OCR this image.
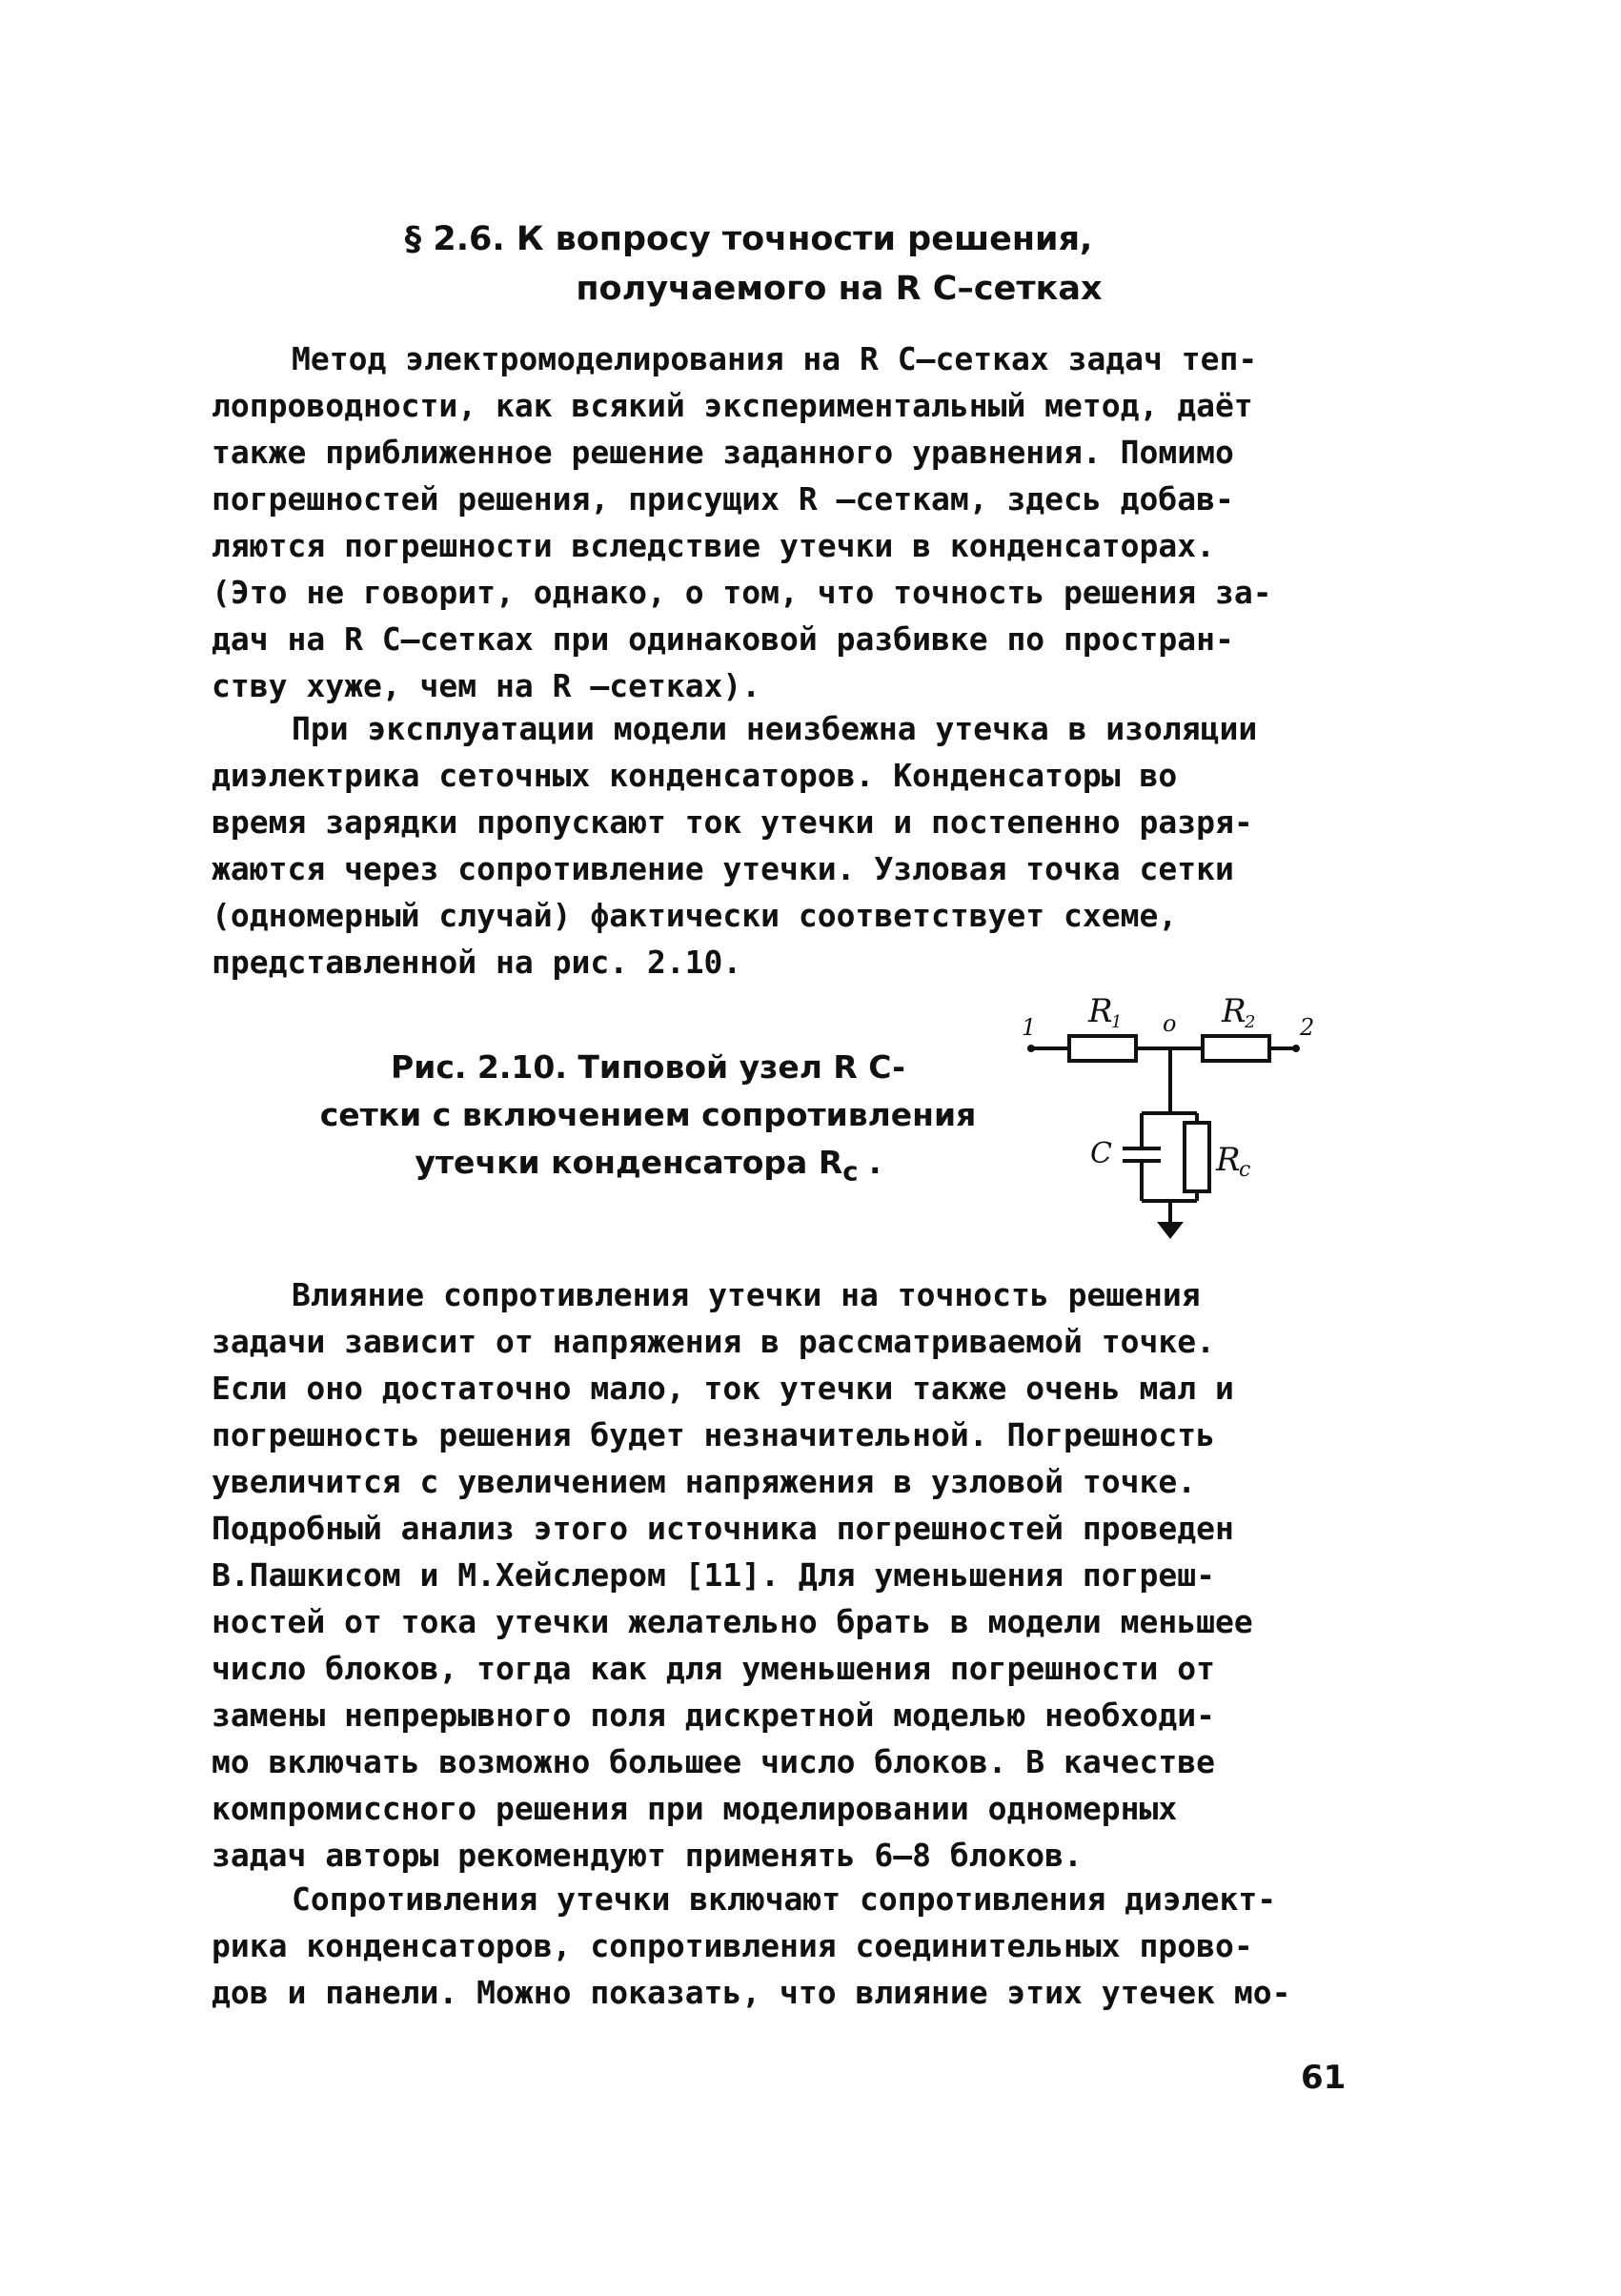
§ 2.6. К вопросу точности решения,
получаемого на R C–сетках
Метод электромоделирования на R C–сетках задач теп-
лопроводности, как всякий экспериментальный метод, даёт
также приближенное решение заданного уравнения. Помимо
погрешностей решения, присущих R –сеткам, здесь добав-
ляются погрешности вследствие утечки в конденсаторах.
(Это не говорит, однако, о том, что точность решения за-
дач на R C–сетках при одинаковой разбивке по простран-
ству хуже, чем на R –сетках).
При эксплуатации модели неизбежна утечка в изоляции
диэлектрика сеточных конденсаторов. Конденсаторы во
время зарядки пропускают ток утечки и постепенно разря-
жаются через сопротивление утечки. Узловая точка сетки
(одномерный случай) фактически соответствует схеме,
представленной на рис. 2.10.
Рис. 2.10. Типовой узел R C-
сетки с включением сопротивления
утечки конденсатора $R_c$ .
1	o	2
R
1	R
2
C	R
c
Влияние сопротивления утечки на точность решения
задачи зависит от напряжения в рассматриваемой точке.
Если оно достаточно мало, ток утечки также очень мал и
погрешность решения будет незначительной. Погрешность
увеличится с увеличением напряжения в узловой точке.
Подробный анализ этого источника погрешностей проведен
В.Пашкисом и М.Хейслером [11]. Для уменьшения погреш-
ностей от тока утечки желательно брать в модели меньшее
число блоков, тогда как для уменьшения погрешности от
замены непрерывного поля дискретной моделью необходи-
мо включать возможно большее число блоков. В качестве
компромиссного решения при моделировании одномерных
задач авторы рекомендуют применять 6–8 блоков.
Сопротивления утечки включают сопротивления диэлект-
рика конденсаторов, сопротивления соединительных прово-
дов и панели. Можно показать, что влияние этих утечек мо-
61
